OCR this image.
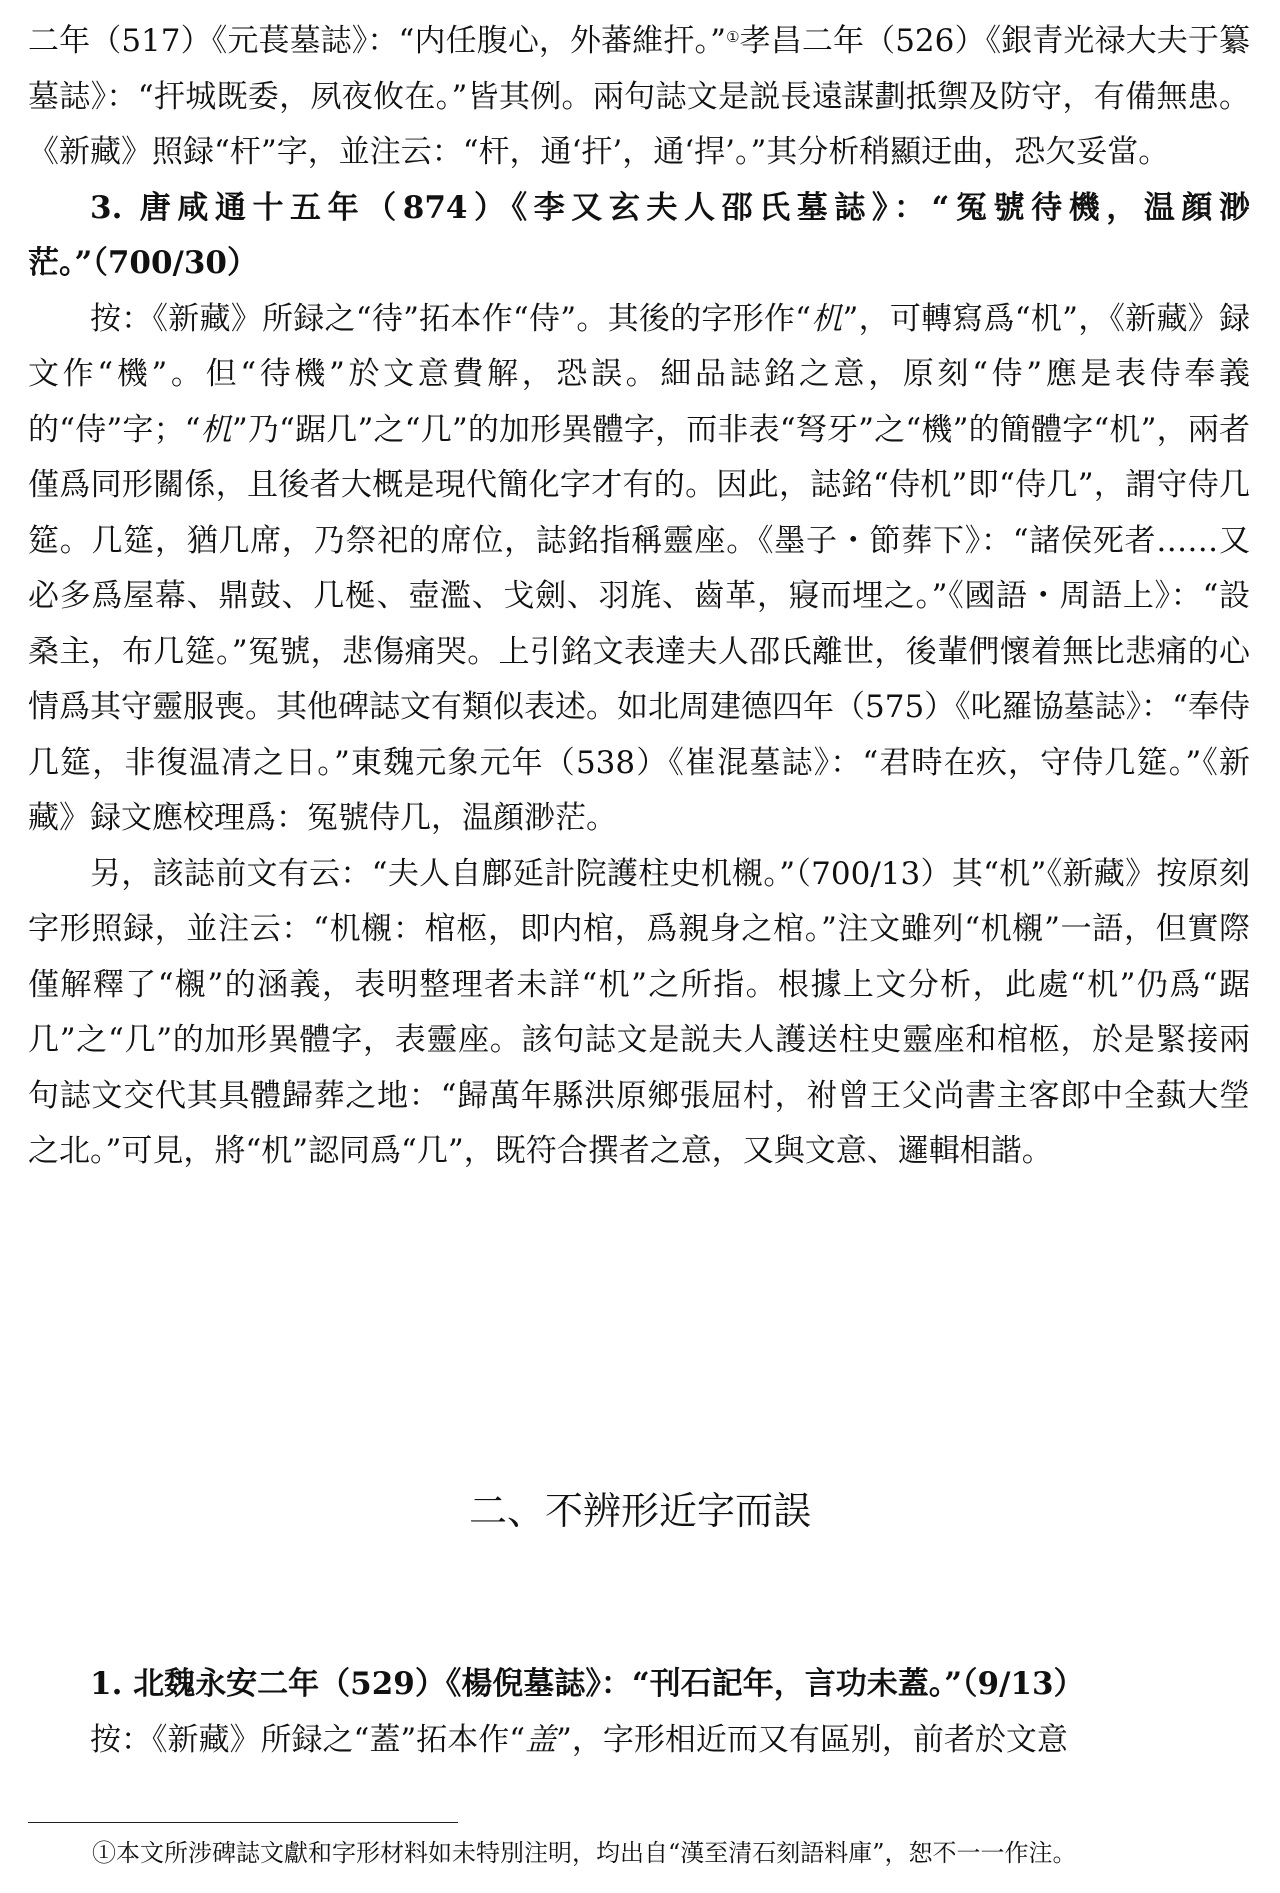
二年（517）《元萇墓誌》：“内任腹心，外蕃維扞。”①孝昌二年（526）《銀青光禄大夫于纂墓誌》：“扞城既委，夙夜攸在。”皆其例。兩句誌文是説長遠謀劃抵禦及防守，有備無患。《新藏》照録“杆”字，並注云：“杆，通‘扞’，通‘捍’。”其分析稍顯迂曲，恐欠妥當。

3. 唐咸通十五年（874）《李又玄夫人邵氏墓誌》：“冤號待機，温顔渺茫。”（700/30）

按：《新藏》所録之“待”拓本作“侍”。其後的字形作“机”，可轉寫爲“机”，《新藏》録文作“機”。但“待機”於文意費解，恐誤。細品誌銘之意，原刻“侍”應是表侍奉義的“侍”字；“机”乃“踞几”之“几”的加形異體字，而非表“弩牙”之“機”的簡體字“机”，兩者僅爲同形關係，且後者大概是現代簡化字才有的。因此，誌銘“侍机”即“侍几”，謂守侍几筵。几筵，猶几席，乃祭祀的席位，誌銘指稱靈座。《墨子・節葬下》：“諸侯死者……又必多爲屋幕、鼎鼓、几梴、壺濫、戈劍、羽旄、齒革，寢而埋之。”《國語・周語上》：“設桑主，布几筵。”冤號，悲傷痛哭。上引銘文表達夫人邵氏離世，後輩們懷着無比悲痛的心情爲其守靈服喪。其他碑誌文有類似表述。如北周建德四年（575）《叱羅協墓誌》：“奉侍几筵，非復温凊之日。”東魏元象元年（538）《崔混墓誌》：“君時在疚，守侍几筵。”《新藏》録文應校理爲：冤號侍几，温顔渺茫。

另，該誌前文有云：“夫人自鄜延計院護柱史机櫬。”（700/13）其“机”《新藏》按原刻字形照録，並注云：“机櫬：棺柩，即内棺，爲親身之棺。”注文雖列“机櫬”一語，但實際僅解釋了“櫬”的涵義，表明整理者未詳“机”之所指。根據上文分析，此處“机”仍爲“踞几”之“几”的加形異體字，表靈座。該句誌文是説夫人護送柱史靈座和棺柩，於是緊接兩句誌文交代其具體歸葬之地：“歸萬年縣洪原鄉張屈村，祔曾王父尚書主客郎中全蓺大塋之北。”可見，將“机”認同爲“几”，既符合撰者之意，又與文意、邏輯相諧。

二、不辨形近字而誤

1. 北魏永安二年（529）《楊倪墓誌》：“刊石記年，言功未蓋。”（9/13）

按：《新藏》所録之“蓋”拓本作“盖”，字形相近而又有區别，前者於文意

①本文所涉碑誌文獻和字形材料如未特別注明，均出自“漢至清石刻語料庫”，恕不一一作注。
